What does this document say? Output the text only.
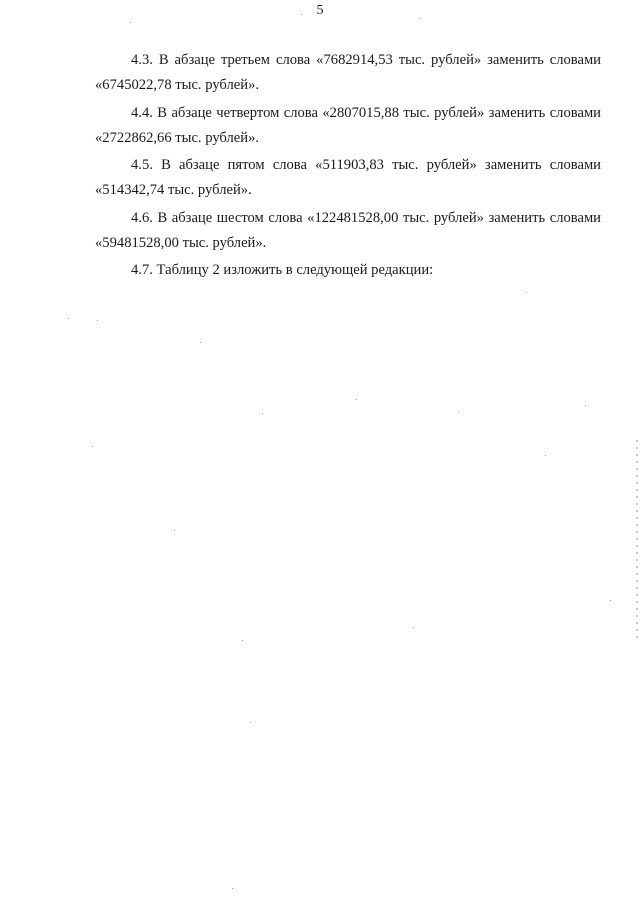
5

4.3. В абзаце третьем слова «7682914,53 тыс. рублей» заменить словами «6745022,78 тыс. рублей».

4.4. В абзаце четвертом слова «2807015,88 тыс. рублей» заменить словами «2722862,66 тыс. рублей».

4.5. В абзаце пятом слова «511903,83 тыс. рублей» заменить словами «514342,74 тыс. рублей».

4.6. В абзаце шестом слова «122481528,00 тыс. рублей» заменить словами «59481528,00 тыс. рублей».

4.7. Таблицу 2 изложить в следующей редакции:
